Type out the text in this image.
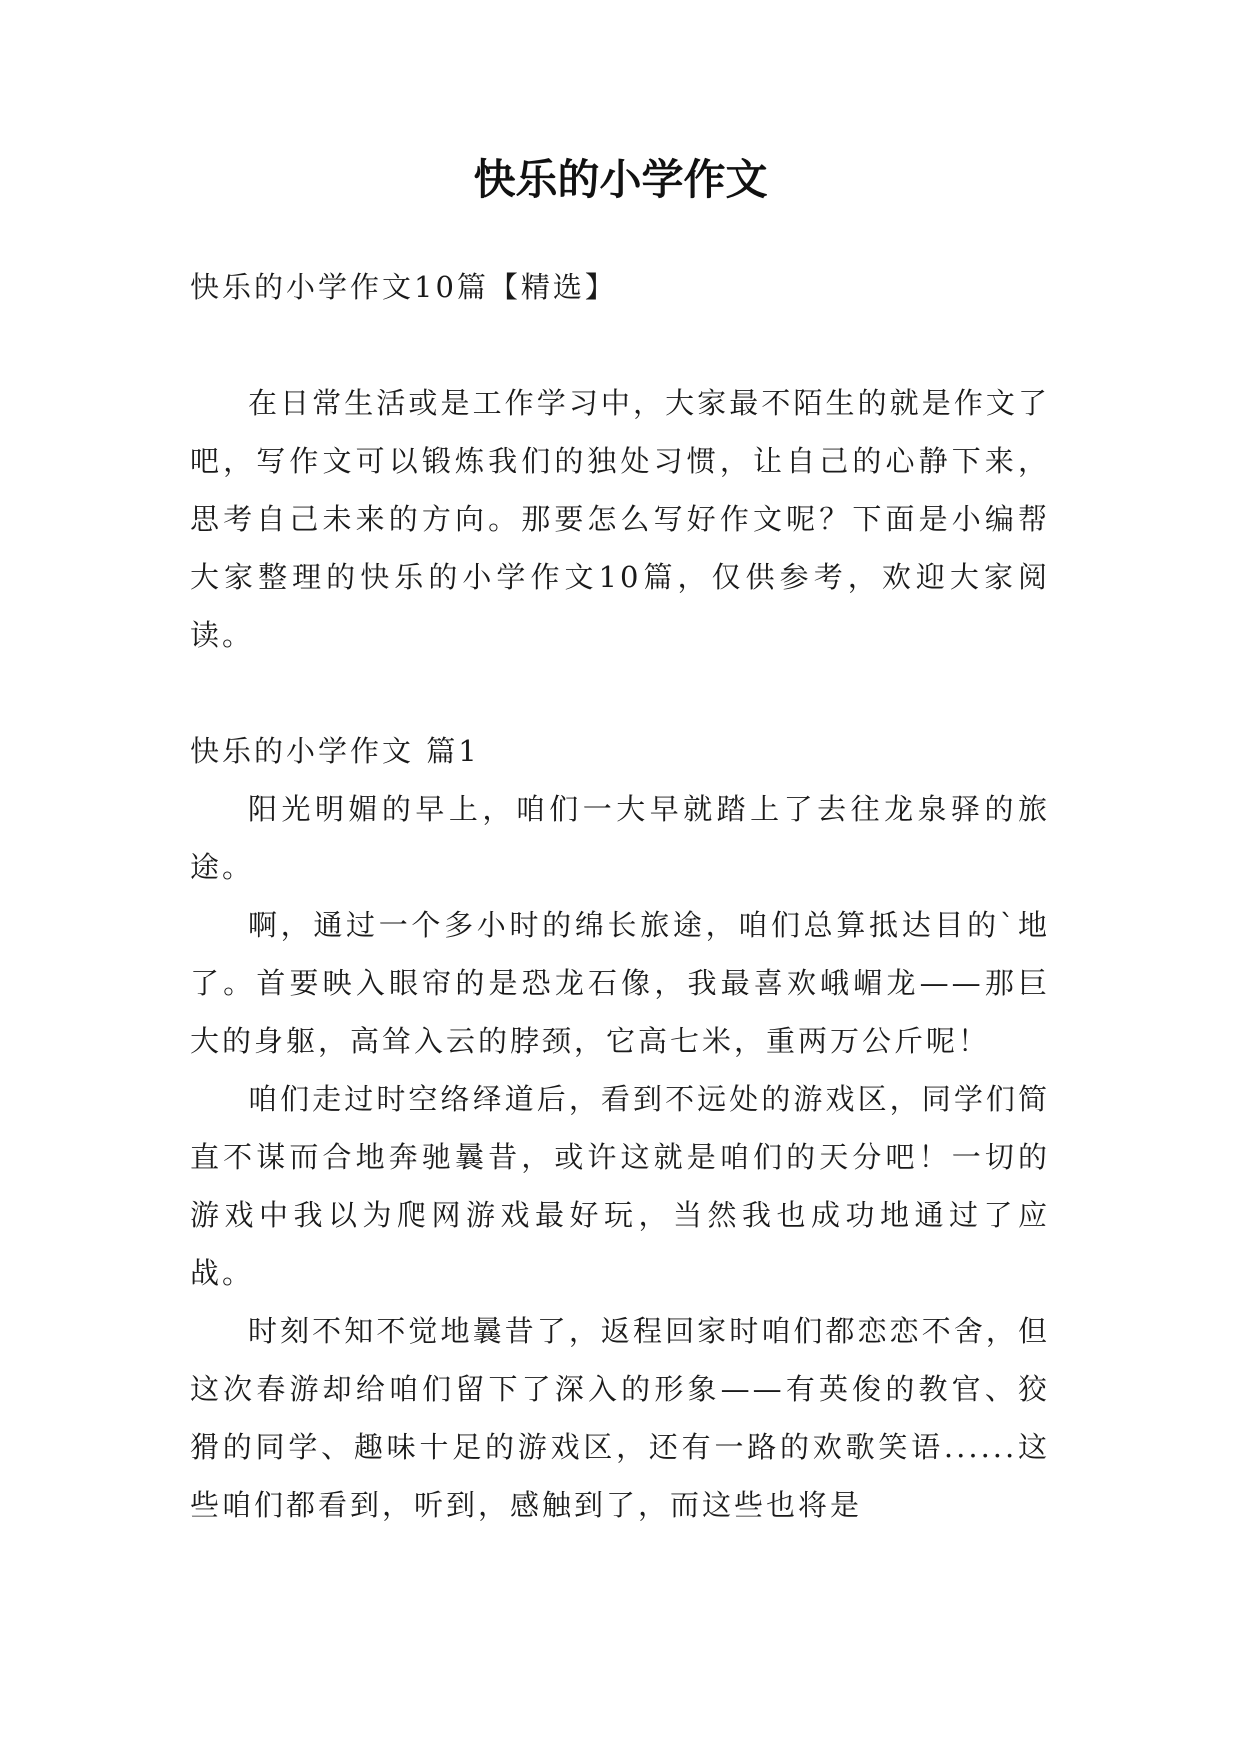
快乐的小学作文

快乐的小学作文10篇【精选】

在日常生活或是工作学习中，大家最不陌生的就是作文了吧，写作文可以锻炼我们的独处习惯，让自己的心静下来，思考自己未来的方向。那要怎么写好作文呢？下面是小编帮大家整理的快乐的小学作文10篇，仅供参考，欢迎大家阅读。

快乐的小学作文 篇1

阳光明媚的早上，咱们一大早就踏上了去往龙泉驿的旅途。

啊，通过一个多小时的绵长旅途，咱们总算抵达目的`地了。首要映入眼帘的是恐龙石像，我最喜欢峨嵋龙——那巨大的身躯，高耸入云的脖颈，它高七米，重两万公斤呢！

咱们走过时空络绎道后，看到不远处的游戏区，同学们简直不谋而合地奔驰曩昔，或许这就是咱们的天分吧！一切的游戏中我以为爬网游戏最好玩，当然我也成功地通过了应战。

时刻不知不觉地曩昔了，返程回家时咱们都恋恋不舍，但这次春游却给咱们留下了深入的形象——有英俊的教官、狡猾的同学、趣味十足的游戏区，还有一路的欢歌笑语......这些咱们都看到，听到，感触到了，而这些也将是
